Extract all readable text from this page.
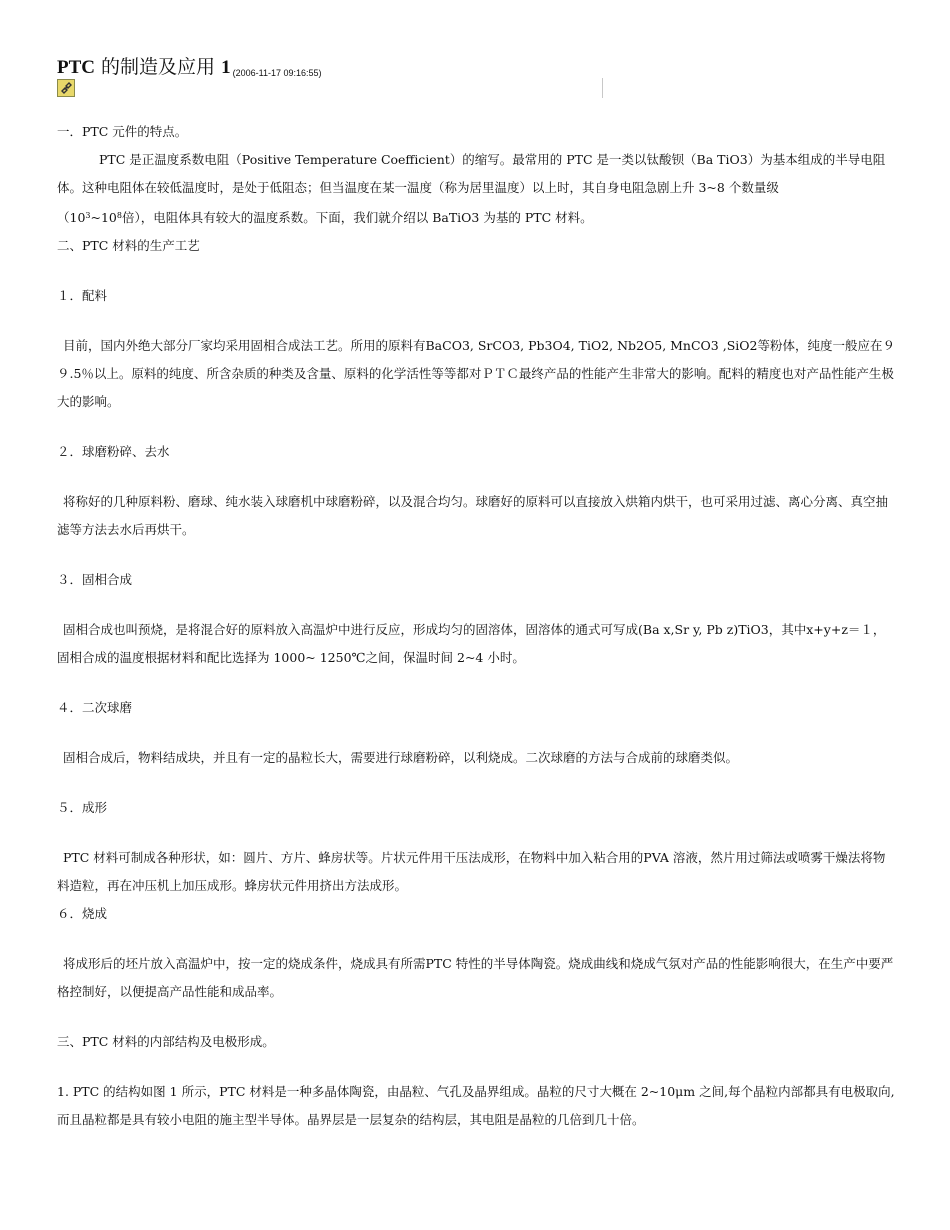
PTC 的制造及应用 1 (2006-11-17 09:16:55)

一．PTC 元件的特点。

PTC 是正温度系数电阻（Positive Temperature Coefficient）的缩写。最常用的 PTC 是一类以钛酸钡（Ba TiO3）为基本组成的半导电阻体。这种电阻体在较低温度时，是处于低阻态；但当温度在某一温度（称为居里温度）以上时，其自身电阻急剧上升 3~8 个数量级

（$10^3\sim 10^8$倍），电阻体具有较大的温度系数。下面，我们就介绍以 BaTiO3 为基的 PTC 材料。

二、PTC 材料的生产工艺

１．配料

目前，国内外绝大部分厂家均采用固相合成法工艺。所用的原料有BaCO3, SrCO3, Pb3O4, TiO2, Nb2O5, MnCO3 ,SiO2等粉体，纯度一般应在９９.5％以上。原料的纯度、所含杂质的种类及含量、原料的化学活性等等都对ＰＴＣ最终产品的性能产生非常大的影响。配料的精度也对产品性能产生极大的影响。

２．球磨粉碎、去水

将称好的几种原料粉、磨球、纯水装入球磨机中球磨粉碎，以及混合均匀。球磨好的原料可以直接放入烘箱内烘干，也可采用过滤、离心分离、真空抽滤等方法去水后再烘干。

３．固相合成

固相合成也叫预烧，是将混合好的原料放入高温炉中进行反应，形成均匀的固溶体，固溶体的通式可写成(Ba x,Sr y, Pb z)TiO3，其中x+y+z＝１，固相合成的温度根据材料和配比选择为 1000~ 1250℃之间，保温时间 2~4 小时。

４．二次球磨

固相合成后，物料结成块，并且有一定的晶粒长大，需要进行球磨粉碎，以利烧成。二次球磨的方法与合成前的球磨类似。

５．成形

PTC 材料可制成各种形状，如：圆片、方片、蜂房状等。片状元件用干压法成形，在物料中加入粘合用的PVA 溶液，然片用过筛法或喷雾干燥法将物料造粒，再在冲压机上加压成形。蜂房状元件用挤出方法成形。

６．烧成

将成形后的坯片放入高温炉中，按一定的烧成条件，烧成具有所需PTC 特性的半导体陶瓷。烧成曲线和烧成气氛对产品的性能影响很大，在生产中要严格控制好，以便提高产品性能和成品率。

三、PTC 材料的内部结构及电极形成。

1. PTC 的结构如图 1 所示，PTC 材料是一种多晶体陶瓷，由晶粒、气孔及晶界组成。晶粒的尺寸大概在 2~10μm 之间,每个晶粒内部都具有电极取向,而且晶粒都是具有较小电阻的施主型半导体。晶界层是一层复杂的结构层，其电阻是晶粒的几倍到几十倍。
